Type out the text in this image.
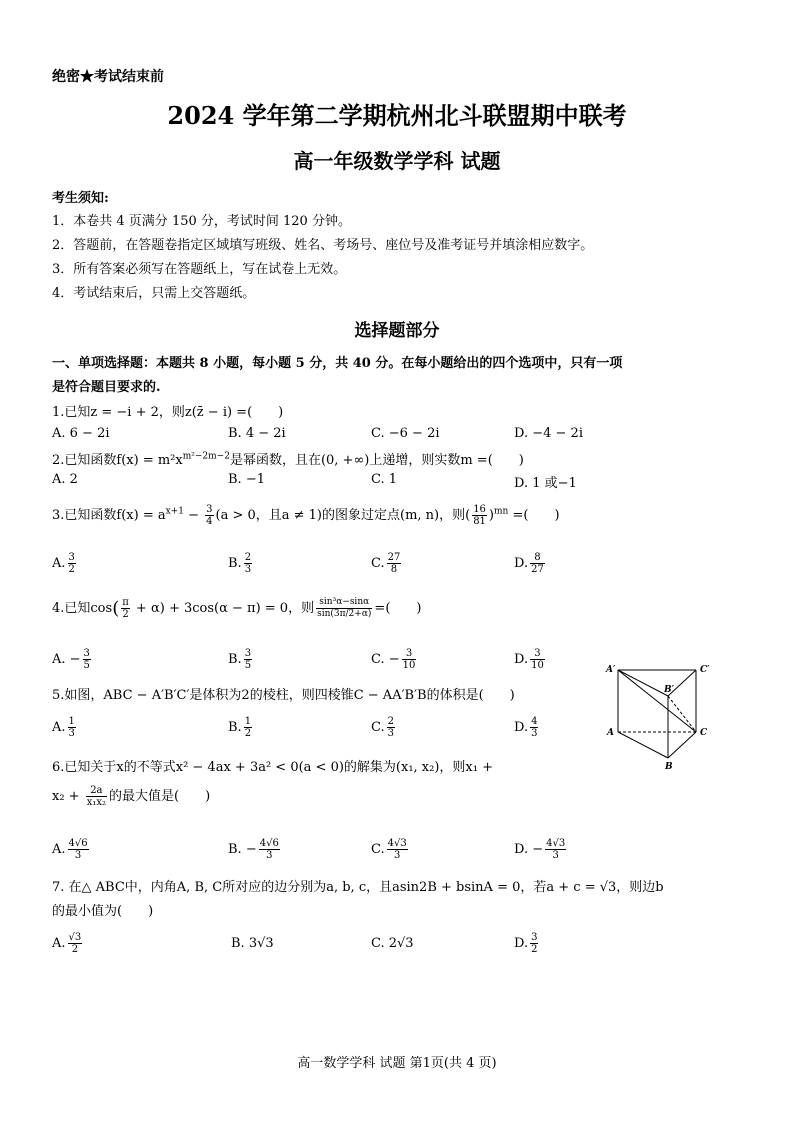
绝密★考试结束前
2024 学年第二学期杭州北斗联盟期中联考
高一年级数学学科 试题
考生须知:
1．本卷共 4 页满分 150 分，考试时间 120 分钟。
2．答题前，在答题卷指定区域填写班级、姓名、考场号、座位号及准考证号并填涂相应数字。
3．所有答案必须写在答题纸上，写在试卷上无效。
4．考试结束后，只需上交答题纸。
选择题部分
一、单项选择题：本题共 8 小题，每小题 5 分，共 40 分。在每小题给出的四个选项中，只有一项
是符合题目要求的.
1.已知z = −i + 2，则z(z̄ − i) =(　　)
A. 6 − 2i	B. 4 − 2i	C. −6 − 2i	D. −4 − 2i
2.已知函数$f(x) = m^2x^{m^2-2m-2}$是幂函数，且在(0, +∞)上递增，则实数m =(　　)
A. 2	B. −1	C. 1	D. 1 或−1
3.已知函数$f(x) = a^{x+1} - \frac{3}{4} (a > 0$，且a ≠ 1)的图象过定点(m, n)，则( $\frac{16}{81} )^{mn}$ =(　　)
A. $\frac{3}{2}$	B. $\frac{2}{3}$	C. $\frac{27}{8}$	D. $\frac{8}{27}$
4.已知$\cos( \frac{\pi}{2} + \alpha) + 3\cos(\alpha - \pi) = 0$，则 $\frac{\text{sin³α−sinα}}{\sin(3\pi/2+\alpha)}$ =(　　)
A. − $\frac{3}{5}$	B. $\frac{3}{5}$	C. − $\frac{3}{10}$	D. $\frac{3}{10}$	A′	C′
B′
A	C
B
5.如图，ABC − A′B′C′是体积为2的棱柱，则四棱锥C − AA′B′B的体积是(　　)
A. $\frac{1}{3}$	B. $\frac{1}{2}$	C. $\frac{2}{3}$	D. $\frac{4}{3}$
6.已知关于x的不等式x² − 4ax + 3a² < 0(a < 0)的解集为(x₁, x₂)，则x₁ +
$x_2 + \frac{2a}{\text{x₁x₂}}$ 的最大值是(　　)
A. $\frac{4√6}{3}$	B. − $\frac{4√6}{3}$	C. $\frac{4√3}{3}$	D. − $\frac{4√3}{3}$
7. 在△ ABC中，内角A, B, C所对应的边分别为a, b, c，且asin2B + bsinA = 0，若a + c = √3，则边b
的最小值为(　　)
A. $\frac{√3}{2}$	B. 3√3	C. 2√3	D. $\frac{3}{2}$
高一数学学科 试题 第1页(共 4 页)
